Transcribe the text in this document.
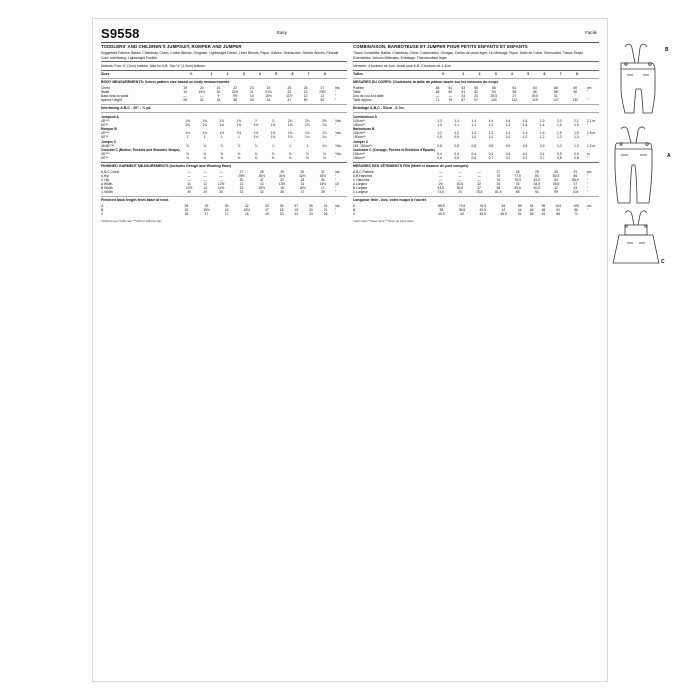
S9558	Easy	Facile
TODDLERS' AND CHILDREN'S JUMPSUIT, ROMPER AND JUMPER
Suggested Fabrics: Batiks, Chambray, Chino, Cotton Blends, Gingham, Lightweight Denim, Linen Blends, Pique, Sateen, Seersucker, Stretch Woven, Pinwale Cord. Interfacing: Lightweight Fusible.
Notions: Four ⅜" (1cm) buttons. Also for A,B: Two ½" (1.3cm) buttons.
Sizes	½	1	2	3	4	5	6	7	8	
BODY MEASUREMENTS: Select pattern size based on body measurements
Chest	19	20	21	22	23	24	25	26	27	Ins.
Waist	19	19½	20	20½	21	21½	22	23	23½	"
Back neck to waist	—	—	9	9½	10	10½	11½	12	12	"
Approx Height	28	31	34	38	43	44	47	50	52	"
Interfacing A,B,C - 20" - ¾ yd.
Jumpsuit A										
45"***	1⅝	1⅝	1⅞	1⅞	2	2	2¼	2¼	2½	Yds.
60"**	1⅛	1¼	1⅜	1⅜	1½	1½	1⅝	1⅝	1¾	"
Romper B										
45"***	1¼	1⅜	1⅜	1½	1½	1⅝	1⅝	1¾	1⅞	Yds.
60"**	1	1	1	1	1⅛	1⅛	1⅛	1¼	1¼	"
Jumper C										
45,60"***	⅞	⅞	⅞	⅞	⅞	1	1	1	1¼	Yds.
Contrast C (Bodice, Pockets and Shoulder Straps)										
45"***	⅜	⅜	⅜	⅜	⅜	⅜	⅜	½	½	Yds.
60"**	⅜	⅜	⅜	⅜	⅜	⅜	⅜	⅜	⅜	"
FINISHED GARMENT MEASUREMENTS (Includes Design and Wearing Ease)
A,B,C Chest	—	—	—	27	28	29	30	31	Ins.
A Hip	—	—	—	29½	30½	31½	32½	33½	"
C Hip	—	—	—	30	31	32	33	34	"
A Width	11	12	12½	13	13	13½	14	14½	15
B Width	13½	14	14½	15	15½	16	16½	17	"
C Width	29	29	30	31	32	35	37	39	"
Finished back length from base of neck
A	28	29	30	32	33	35	37	39	41	Ins.
B	15	15½	16	16½	17	18	19	20	21	"
C	16	17	17	18	19	20	22	24	26	"
*without nap **with nap ***with or without nap
COMBINAISON, BARBOTEUSE ET JUMPER POUR PETITS ENFANTS ET ENFANTS
Tissus Conseillés: Batiks, Chambray, Chino, Cotonnades, Guingan, Denim de poids léger, Lin Mélangé, Piqué, Satin de Coton, Seersucker, Tissus Tissés Extensibles, Velours Millerales. Entoilage: Thermocollant léger.
Mercerie: 4 boutons de 1cm. Aussi pour A,B: 2 boutons de 1,3cm.
Tailles	½	1	2	3	4	5	6	7	8	
MESURES DU CORPS: Choisissez la taille du patron basée sur les mesures du corps
Poitrine	48	51	53	56	58	61	64	66	69	cm
Taille	48	50	51	52	53	55	56	58	60	"
Dos de cou à la taille	—	—	23	24	25,5	27	29,5	31	"	
Taille approx.	71	79	87	97	104	112	119	127	132	"
Entoilage A,B,C - 51cm - 0.7m.
Combinaison A										
115cm**	1,3	1,4	1,4	1,4	1,6	1,6	1,9	2,0	2,1	2,1 m
150cm**	1,0	1,1	1,1	1,2	1,3	1,4	1,4	1,5	1,5	"
Barboteuse B										
115cm**	1,2	1,2	1,3	1,3	1,4	1,4	1,5	1,5	1,5	1,5 m
150cm**	0,9	0,9	1,0	1,0	1,0	1,2	1,2	1,3	1,3	"
Jumper C										
115, 150cm**	0,8	0,8	0,8	0,8	0,9	0,9	0,9	1,0	1,0	1,2 m
Contraste C (Corsage, Poches et Bretelles d'Épaule)										
115cm**	0,4	0,4	0,4	0,4	0,4	0,4	0,4	0,5	0,5	m
150cm**	0,6	0,6	0,6	0,7	0,7	0,7	0,7	0,8	0,8	"
MESURES DES VÊTEMENTS FINI (Motif et aisance de port compris)
A,B,C Poitrine	—	—	—	27	28	29	30	31	cm
A,B Hanches	—	—	—	75	77,5	80	82,5	85	"
C Hanches	—	—	—	76	78,5	81,5	84	86,5	"
A Largeur	29	30,5	32	33	33	34,5	35,5	37	"
B Largeur	34,5	35,5	37	38	39,5	40,5	42	43	"
C Largeur	73,5	74	78,5	81,5	89	94	99	104	"
Longueur finie - dos, votre nuque à l'ourlet
A	68,5	73,5	76,5	84	89	94	99	104	109	cm
B	38	39,5	40,5	42	44	46	48	51	56	"
C	40,5	43	45,5	48,5	51	56	61	66	71	
*sans sens **avec sens ***avec ou sans sens
B
A
C
